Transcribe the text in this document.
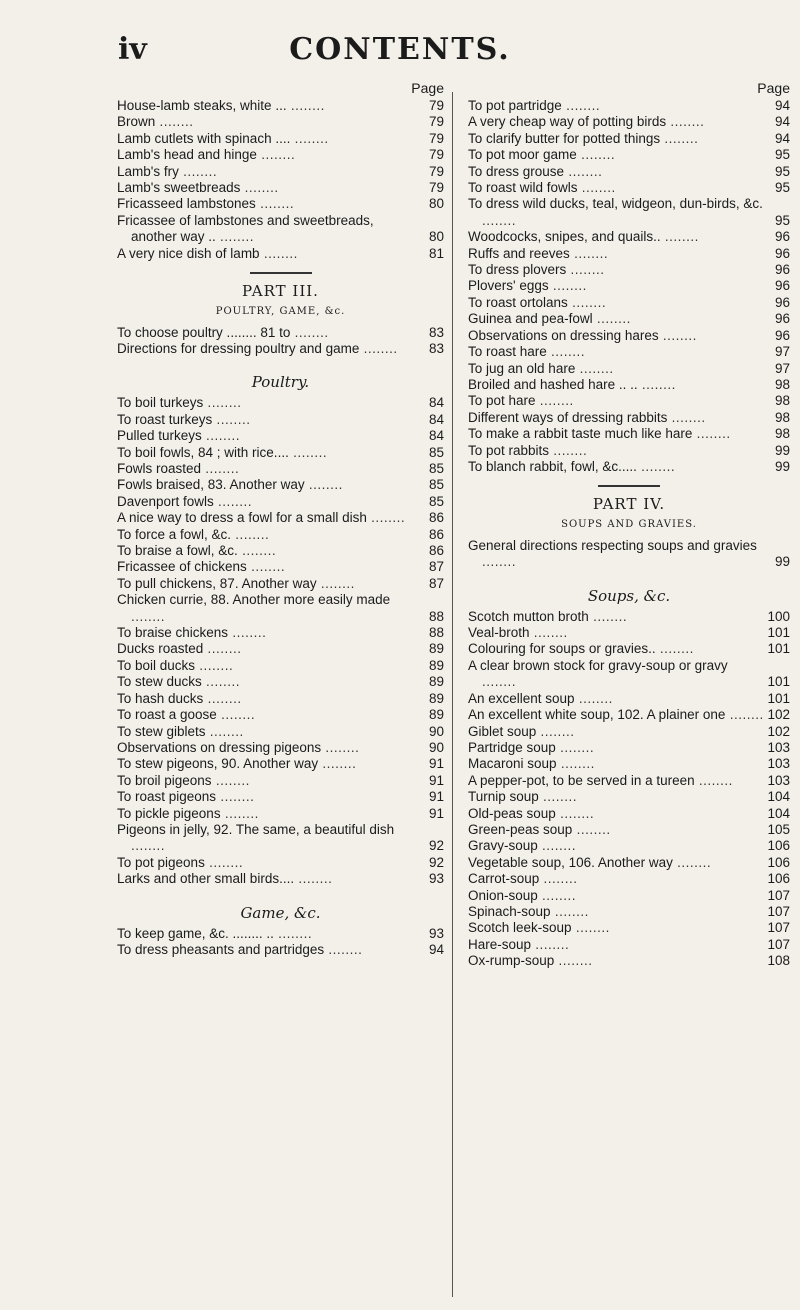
iv	CONTENTS.
Page
House-lamb steaks, white ... ........	79
Brown ........	79
Lamb cutlets with spinach .... ........	79
Lamb's head and hinge ........	79
Lamb's fry ........	79
Lamb's sweetbreads ........	79
Fricasseed lambstones ........	80
Fricassee of lambstones and sweetbreads, another way .. ........	80
A very nice dish of lamb ........	81
PART III.
POULTRY, GAME, &c.
To choose poultry ........ 81 to ........	83
Directions for dressing poultry and game ........	83
Poultry.
To boil turkeys ........	84
To roast turkeys ........	84
Pulled turkeys ........	84
To boil fowls, 84 ; with rice.... ........	85
Fowls roasted ........	85
Fowls braised, 83. Another way ........	85
Davenport fowls ........	85
A nice way to dress a fowl for a small dish ........	86
To force a fowl, &c. ........	86
To braise a fowl, &c. ........	86
Fricassee of chickens ........	87
To pull chickens, 87. Another way ........	87
Chicken currie, 88. Another more easily made ........	88
To braise chickens ........	88
Ducks roasted ........	89
To boil ducks ........	89
To stew ducks ........	89
To hash ducks ........	89
To roast a goose ........	89
To stew giblets ........	90
Observations on dressing pigeons ........	90
To stew pigeons, 90. Another way ........	91
To broil pigeons ........	91
To roast pigeons ........	91
To pickle pigeons ........	91
Pigeons in jelly, 92. The same, a beautiful dish ........	92
To pot pigeons ........	92
Larks and other small birds.... ........	93
Game, &c.
To keep game, &c. ........ .. ........	93
To dress pheasants and partridges ........	94
Page
To pot partridge ........	94
A very cheap way of potting birds ........	94
To clarify butter for potted things ........	94
To pot moor game ........	95
To dress grouse ........	95
To roast wild fowls ........	95
To dress wild ducks, teal, widgeon, dun-birds, &c. ........	95
Woodcocks, snipes, and quails.. ........	96
Ruffs and reeves ........	96
To dress plovers ........	96
Plovers' eggs ........	96
To roast ortolans ........	96
Guinea and pea-fowl ........	96
Observations on dressing hares ........	96
To roast hare ........	97
To jug an old hare ........	97
Broiled and hashed hare .. .. ........	98
To pot hare ........	98
Different ways of dressing rabbits ........	98
To make a rabbit taste much like hare ........	98
To pot rabbits ........	99
To blanch rabbit, fowl, &c..... ........	99
PART IV.
SOUPS AND GRAVIES.
General directions respecting soups and gravies ........	99
Soups, &c.
Scotch mutton broth ........	100
Veal-broth ........	101
Colouring for soups or gravies.. ........	101
A clear brown stock for gravy-soup or gravy ........	101
An excellent soup ........	101
An excellent white soup, 102. A plainer one ........ 102
Giblet soup ........	102
Partridge soup ........	103
Macaroni soup ........	103
A pepper-pot, to be served in a tureen ........	103
Turnip soup ........	104
Old-peas soup ........	104
Green-peas soup ........	105
Gravy-soup ........	106
Vegetable soup, 106. Another way ........	106
Carrot-soup ........	106
Onion-soup ........	107
Spinach-soup ........	107
Scotch leek-soup ........	107
Hare-soup ........	107
Ox-rump-soup ........	108
